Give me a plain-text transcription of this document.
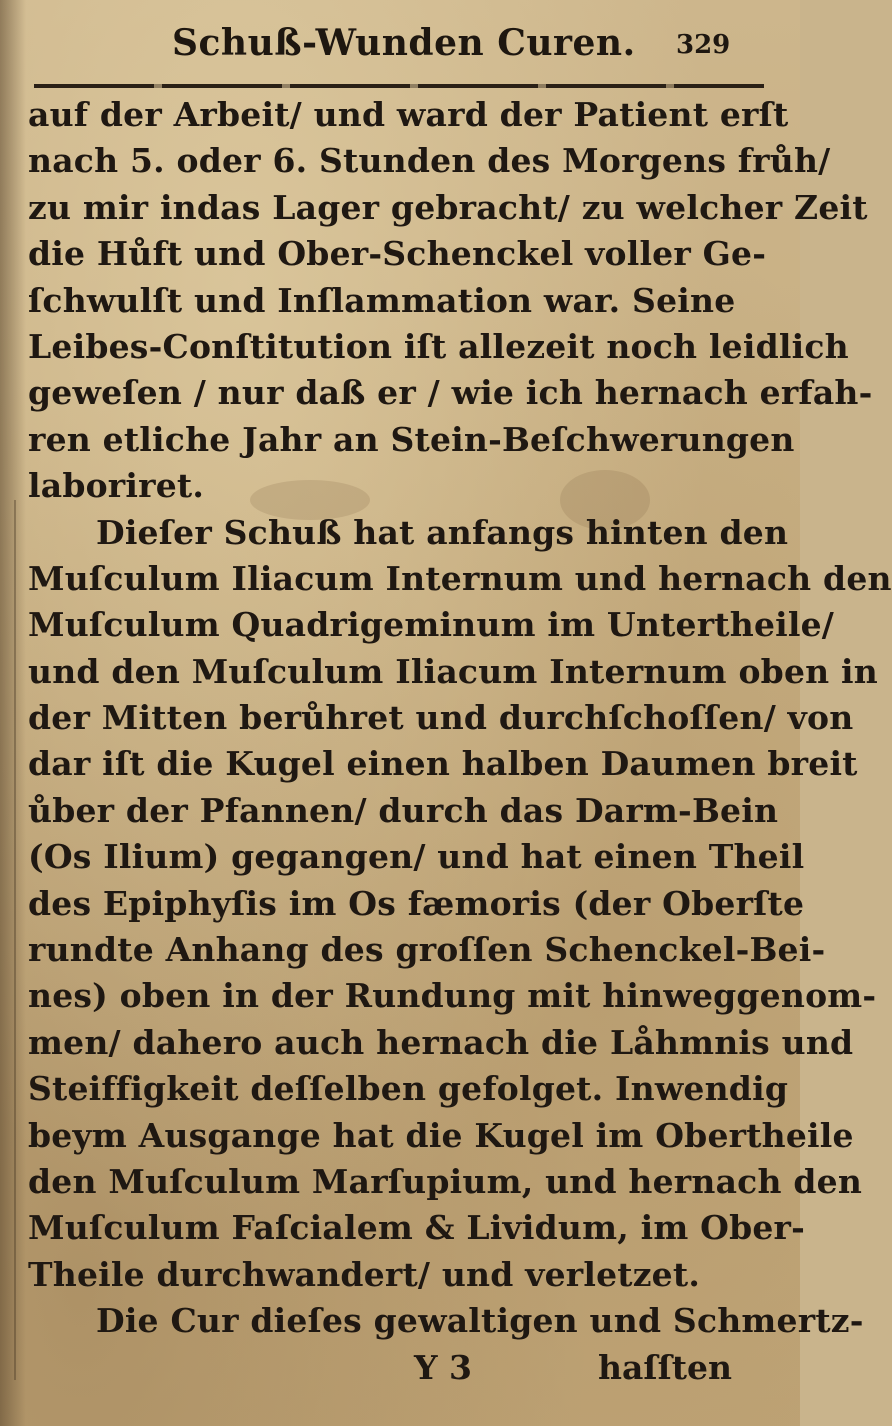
Schuß-Wunden Curen. 329
auf der Arbeit/ und ward der Patient erſt
nach 5. oder 6. Stunden des Morgens frůh/
zu mir indas Lager gebracht/ zu welcher Zeit
die Hůft und Ober-Schenckel voller Ge-
ſchwulſt und Inſlammation war. Seine
Leibes-Conſtitution iſt allezeit noch leidlich
geweſen / nur daß er / wie ich hernach erfah-
ren etliche Jahr an Stein-Beſchwerungen
laboriret.
Dieſer Schuß hat anfangs hinten den
Muſculum Iliacum Internum und hernach den
Muſculum Quadrigeminum im Untertheile/
und den Muſculum Iliacum Internum oben in
der Mitten berůhret und durchſchoſſen/ von
dar iſt die Kugel einen halben Daumen breit
ůber der Pfannen/ durch das Darm-Bein
(Os Ilium) gegangen/ und hat einen Theil
des Epiphyſis im Os fæmoris (der Oberſte
rundte Anhang des groſſen Schenckel-Bei-
nes) oben in der Rundung mit hinweggenom-
men/ dahero auch hernach die Låhmnis und
Steiffigkeit deſſelben gefolget. Inwendig
beym Ausgange hat die Kugel im Obertheile
den Muſculum Marſupium, und hernach den
Muſculum Faſcialem & Lividum, im Ober-
Theile durchwandert/ und verletzet.
Die Cur dieſes gewaltigen und Schmertz-
Y 3	haſſten
